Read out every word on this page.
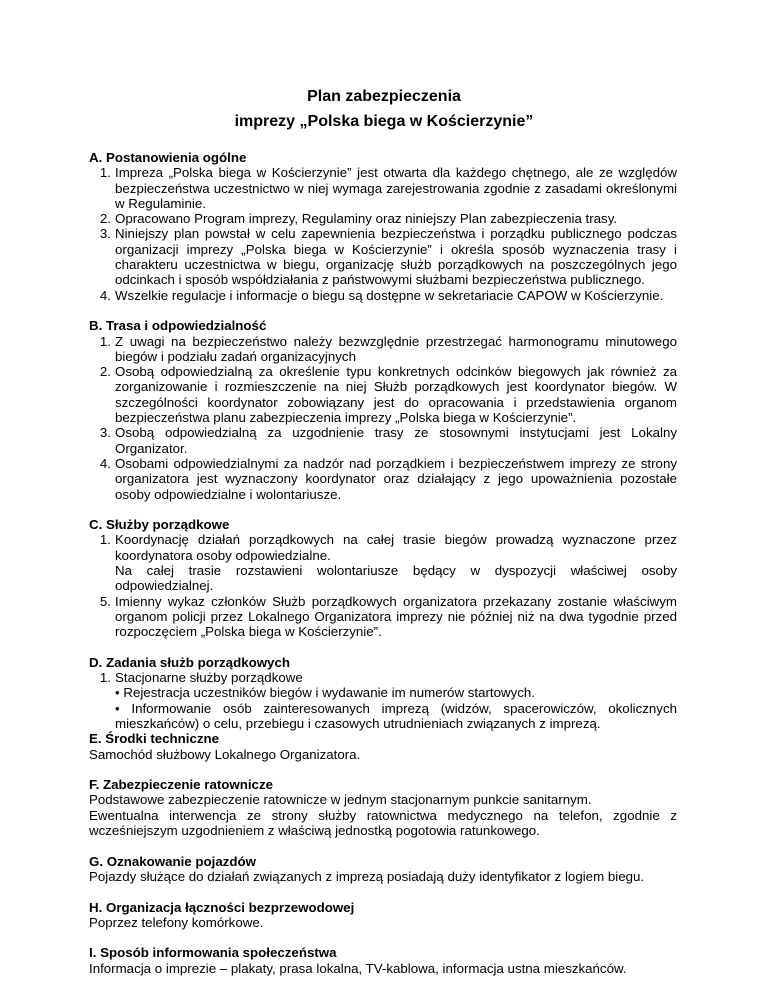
Plan zabezpieczenia
imprezy „Polska biega w Kościerzynie”
A. Postanowienia ogólne
1. Impreza „Polska biega w Kościerzynie” jest otwarta dla każdego chętnego, ale ze względów bezpieczeństwa uczestnictwo w niej wymaga zarejestrowania zgodnie z zasadami określonymi w Regulaminie.
2. Opracowano Program imprezy, Regulaminy oraz niniejszy Plan zabezpieczenia trasy.
3. Niniejszy plan powstał w celu zapewnienia bezpieczeństwa i porządku publicznego podczas organizacji imprezy „Polska biega w Kościerzynie” i określa sposób wyznaczenia trasy i charakteru uczestnictwa w biegu, organizację służb porządkowych na poszczególnych jego odcinkach i sposób współdziałania z państwowymi służbami bezpieczeństwa publicznego.
4. Wszelkie regulacje i informacje o biegu są dostępne w sekretariacie CAPOW w Kościerzynie.
B. Trasa i odpowiedzialność
1. Z uwagi na bezpieczeństwo należy bezwzględnie przestrzegać harmonogramu minutowego biegów i podziału zadań organizacyjnych
2. Osobą odpowiedzialną za określenie typu konkretnych odcinków biegowych jak również za zorganizowanie i rozmieszczenie na niej Służb porządkowych jest koordynator biegów. W szczególności koordynator zobowiązany jest do opracowania i przedstawienia organom bezpieczeństwa planu zabezpieczenia imprezy „Polska biega w Kościerzynie”.
3. Osobą odpowiedzialną za uzgodnienie trasy ze stosownymi instytucjami jest Lokalny Organizator.
4. Osobami odpowiedzialnymi za nadzór nad porządkiem i bezpieczeństwem imprezy ze strony organizatora jest wyznaczony koordynator oraz działający z jego upoważnienia pozostałe osoby odpowiedzialne i wolontariusze.
C. Służby porządkowe
1. Koordynację działań porządkowych na całej trasie biegów prowadzą wyznaczone przez koordynatora osoby odpowiedzialne.
Na całej trasie rozstawieni wolontariusze będący w dyspozycji właściwej osoby odpowiedzialnej.
5. Imienny wykaz członków Służb porządkowych organizatora przekazany zostanie właściwym organom policji przez Lokalnego Organizatora imprezy nie później niż na dwa tygodnie przed rozpoczęciem „Polska biega w Kościerzynie”.
D. Zadania służb porządkowych
1. Stacjonarne służby porządkowe
• Rejestracja uczestników biegów i wydawanie im numerów startowych.
• Informowanie osób zainteresowanych imprezą (widzów, spacerowiczów, okolicznych mieszkańców) o celu, przebiegu i czasowych utrudnieniach związanych z imprezą.
E. Środki techniczne
Samochód służbowy Lokalnego Organizatora.
F. Zabezpieczenie ratownicze
Podstawowe zabezpieczenie ratownicze w jednym stacjonarnym punkcie sanitarnym.
Ewentualna interwencja ze strony służby ratownictwa medycznego na telefon, zgodnie z wcześniejszym uzgodnieniem z właściwą jednostką pogotowia ratunkowego.
G. Oznakowanie pojazdów
Pojazdy służące do działań związanych z imprezą posiadają duży identyfikator z logiem biegu.
H. Organizacja łączności bezprzewodowej
Poprzez telefony komórkowe.
I. Sposób informowania społeczeństwa
Informacja o imprezie – plakaty, prasa lokalna, TV-kablowa, informacja ustna mieszkańców.
